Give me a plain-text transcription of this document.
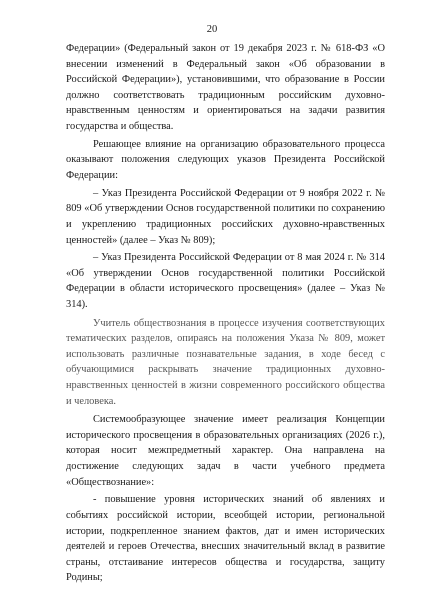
20

Федерации» (Федеральный закон от 19 декабря 2023 г. № 618-ФЗ «О внесении изменений в Федеральный закон «Об образовании в Российской Федерации»), установившими, что образование в России должно соответствовать традиционным российским духовно-нравственным ценностям и ориентироваться на задачи развития государства и общества.

Решающее влияние на организацию образовательного процесса оказывают положения следующих указов Президента Российской Федерации:

– Указ Президента Российской Федерации от 9 ноября 2022 г. № 809 «Об утверждении Основ государственной политики по сохранению и укреплению традиционных российских духовно-нравственных ценностей» (далее – Указ № 809);

– Указ Президента Российской Федерации от 8 мая 2024 г. № 314 «Об утверждении Основ государственной политики Российской Федерации в области исторического просвещения» (далее – Указ № 314).

Учитель обществознания в процессе изучения соответствующих тематических разделов, опираясь на положения Указа № 809, может использовать различные познавательные задания, в ходе бесед с обучающимися раскрывать значение традиционных духовно-нравственных ценностей в жизни современного российского общества и человека.

Системообразующее значение имеет реализация Концепции исторического просвещения в образовательных организациях (2026 г.), которая носит межпредметный характер. Она направлена на достижение следующих задач в части учебного предмета «Обществознание»:

- повышение уровня исторических знаний об явлениях и событиях российской истории, всеобщей истории, региональной истории, подкрепленное знанием фактов, дат и имен исторических деятелей и героев Отечества, внесших значительный вклад в развитие страны, отстаивание интересов общества и государства, защиту Родины;
